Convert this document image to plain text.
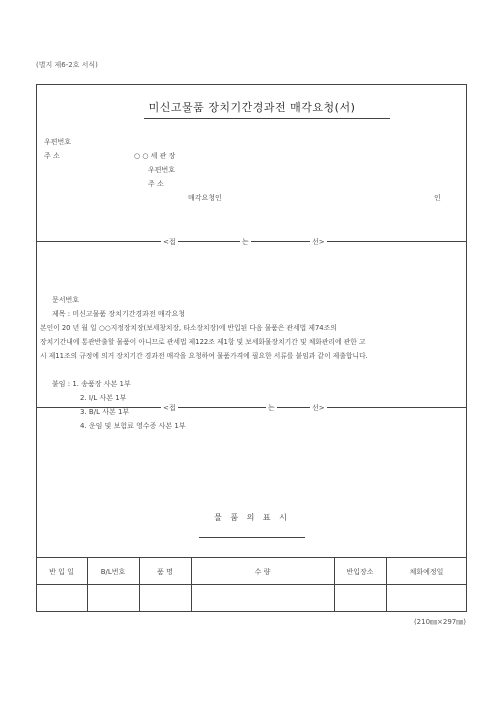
(별지 제6-2호 서식)
미신고물품 장치기간경과전 매각요청(서)
우편번호
주 소	○ ○ 세 관 장
우편번호
주 소
매각요청인	인
<접	는	선>
문서번호
제목 : 미신고물품 장치기간경과전 매각요청
본인이 20 년 월 일 ○○지정장치장(보세창치장, 타소장치장)에 반입된 다음 물품은 관세법 제74조의
장치기간내에 통관반출할 물품이 아니므로 관세법 제122조 제1항 및 보세화물장치기간 및 체화관리에 관한 고
시 제11조의 규정에 의거 장치기간 경과전 매각을 요청하여 물품가격에 필요한 서류를 붙임과 같이 제출합니다.
붙임 : 1. 송품장 사본 1부
2. I/L 사본 1부
3. B/L 사본 1부
4. 운임 및 보험료 영수증 사본 1부
<접	는	선>
물 품 의 표 시
반 입 일	B/L번호	품 명	수 량	반입장소	체화예정일
(210㎜×297㎜)
